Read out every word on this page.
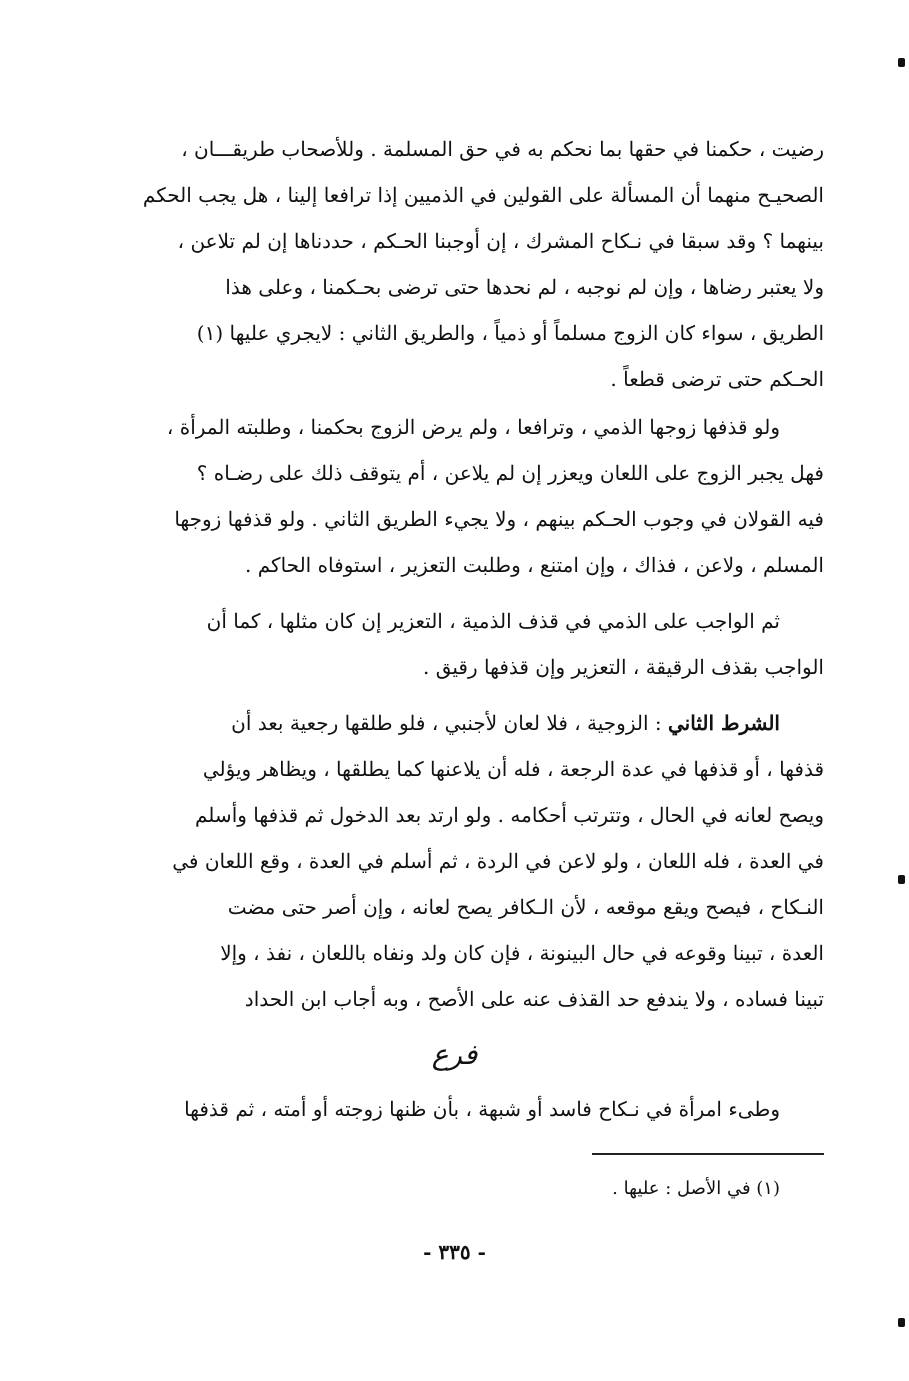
رضيت ، حكمنا في حقها بما نحكم به في حق المسلمة . وللأصحاب طريقـــان ،
الصحيـح منهما أن المسألة على القولين في الذميين إذا ترافعا إلينا ، هل يجب الحكم
بينهما ؟ وقد سبقا في نـكاح المشرك ، إن أوجبنا الحـكم ، حددناها إن لم تلاعن ،
ولا يعتبر رضاها ، وإن لم نوجبه ، لم نحدها حتى ترضى بحـكمنا ، وعلى هذا
الطريق ، سواء كان الزوج مسلماً أو ذمياً ، والطريق الثاني : لايجري عليها (١)
الحـكم حتى ترضى قطعاً .
ولو قذفها زوجها الذمي ، وترافعا ، ولم يرض الزوج بحكمنا ، وطلبته المرأة ،
فهل يجبر الزوج على اللعان ويعزر إن لم يلاعن ، أم يتوقف ذلك على رضـاه ؟
فيه القولان في وجوب الحـكم بينهم ، ولا يجيء الطريق الثاني . ولو قذفها زوجها
المسلم ، ولاعن ، فذاك ، وإن امتنع ، وطلبت التعزير ، استوفاه الحاكم .
ثم الواجب على الذمي في قذف الذمية ، التعزير إن كان مثلها ، كما أن
الواجب بقذف الرقيقة ، التعزير وإن قذفها رقيق .
الشرط الثاني : الزوجية ، فلا لعان لأجنبي ، فلو طلقها رجعية بعد أن
قذفها ، أو قذفها في عدة الرجعة ، فله أن يلاعنها كما يطلقها ، ويظاهر ويؤلي
ويصح لعانه في الحال ، وتترتب أحكامه . ولو ارتد بعد الدخول ثم قذفها وأسلم
في العدة ، فله اللعان ، ولو لاعن في الردة ، ثم أسلم في العدة ، وقع اللعان في
النـكاح ، فيصح ويقع موقعه ، لأن الـكافر يصح لعانه ، وإن أصر حتى مضت
العدة ، تبينا وقوعه في حال البينونة ، فإن كان ولد ونفاه باللعان ، نفذ ، وإلا
تبينا فساده ، ولا يندفع حد القذف عنه على الأصح ، وبه أجاب ابن الحداد
فرع
وطىء امرأة في نـكاح فاسد أو شبهة ، بأن ظنها زوجته أو أمته ، ثم قذفها
(١) في الأصل : عليها .
- ٣٣٥ -
